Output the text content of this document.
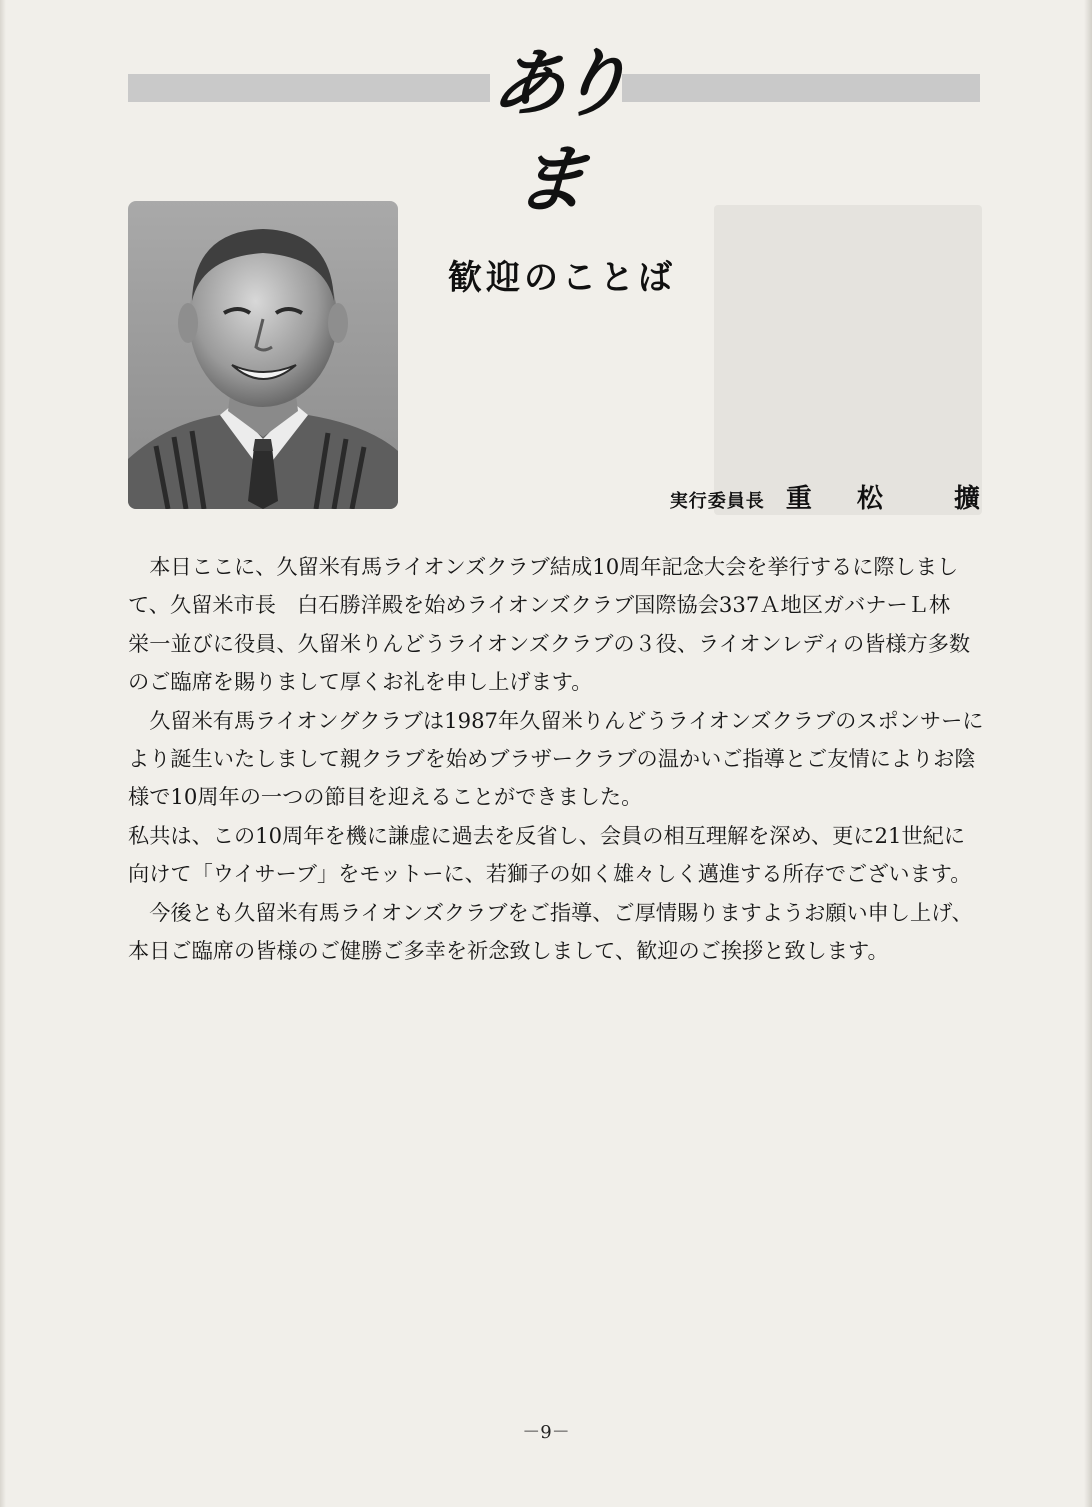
ありま
歓迎のことば
実行委員長 重 松	擴

　本日ここに、久留米有馬ライオンズクラブ結成10周年記念大会を挙行するに際しまして、久留米市長　白石勝洋殿を始めライオンズクラブ国際協会337Ａ地区ガバナーＬ林　栄一並びに役員、久留米りんどうライオンズクラブの３役、ライオンレディの皆様方多数のご臨席を賜りまして厚くお礼を申し上げます。

　久留米有馬ライオングクラブは1987年久留米りんどうライオンズクラブのスポンサーにより誕生いたしまして親クラブを始めブラザークラブの温かいご指導とご友情によりお陰様で10周年の一つの節目を迎えることができました。

私共は、この10周年を機に謙虚に過去を反省し、会員の相互理解を深め、更に21世紀に向けて「ウイサーブ」をモットーに、若獅子の如く雄々しく邁進する所存でございます。

　今後とも久留米有馬ライオンズクラブをご指導、ご厚情賜りますようお願い申し上げ、本日ご臨席の皆様のご健勝ご多幸を祈念致しまして、歓迎のご挨拶と致します。

－9－
